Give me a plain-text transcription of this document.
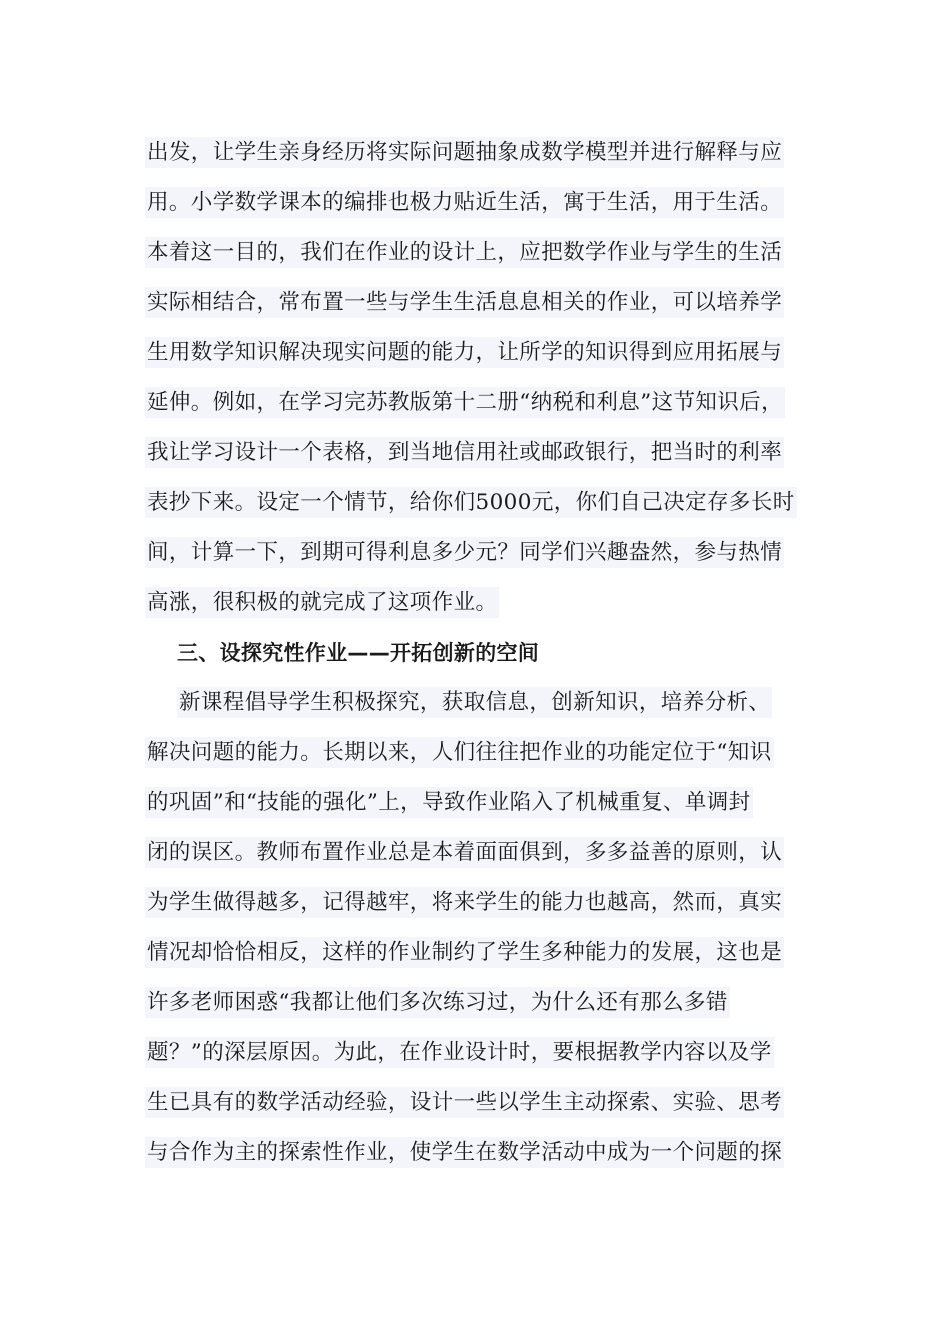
出发，让学生亲身经历将实际问题抽象成数学模型并进行解释与应
用。小学数学课本的编排也极力贴近生活，寓于生活，用于生活。
本着这一目的，我们在作业的设计上，应把数学作业与学生的生活
实际相结合，常布置一些与学生生活息息相关的作业，可以培养学
生用数学知识解决现实问题的能力，让所学的知识得到应用拓展与
延伸。例如，在学习完苏教版第十二册“纳税和利息”这节知识后，
我让学习设计一个表格，到当地信用社或邮政银行，把当时的利率
表抄下来。设定一个情节，给你们5000元，你们自己决定存多长时
间，计算一下，到期可得利息多少元？同学们兴趣盎然，参与热情
高涨，很积极的就完成了这项作业。
三、设探究性作业——开拓创新的空间
新课程倡导学生积极探究，获取信息，创新知识，培养分析、
解决问题的能力。长期以来，人们往往把作业的功能定位于“知识
的巩固”和“技能的强化”上，导致作业陷入了机械重复、单调封
闭的误区。教师布置作业总是本着面面俱到，多多益善的原则，认
为学生做得越多，记得越牢，将来学生的能力也越高，然而，真实
情况却恰恰相反，这样的作业制约了学生多种能力的发展，这也是
许多老师困惑“我都让他们多次练习过，为什么还有那么多错
题？”的深层原因。为此，在作业设计时，要根据教学内容以及学
生已具有的数学活动经验，设计一些以学生主动探索、实验、思考
与合作为主的探索性作业，使学生在数学活动中成为一个问题的探
